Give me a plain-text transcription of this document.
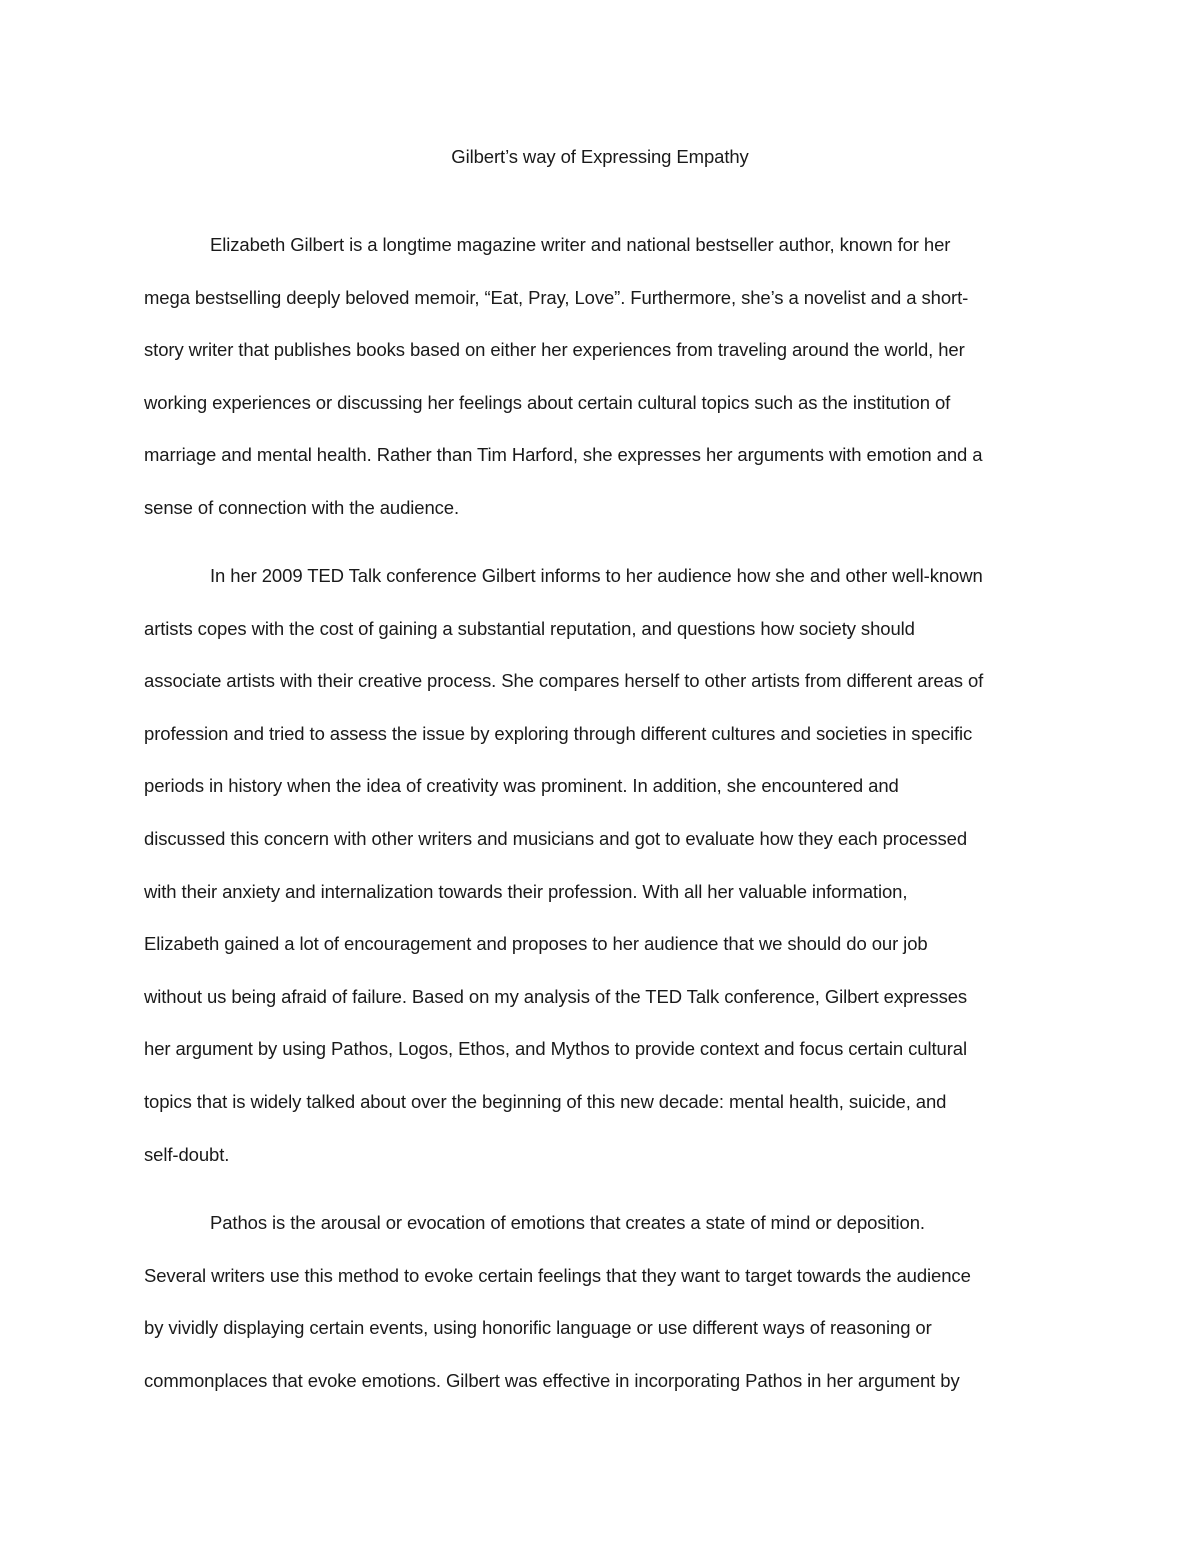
Gilbert’s way of Expressing Empathy
Elizabeth Gilbert is a longtime magazine writer and national bestseller author, known for her
mega bestselling deeply beloved memoir, “Eat, Pray, Love”. Furthermore, she’s a novelist and a short-
story writer that publishes books based on either her experiences from traveling around the world, her
working experiences or discussing her feelings about certain cultural topics such as the institution of
marriage and mental health. Rather than Tim Harford, she expresses her arguments with emotion and a
sense of connection with the audience.
In her 2009 TED Talk conference Gilbert informs to her audience how she and other well-known
artists copes with the cost of gaining a substantial reputation, and questions how society should
associate artists with their creative process. She compares herself to other artists from different areas of
profession and tried to assess the issue by exploring through different cultures and societies in specific
periods in history when the idea of creativity was prominent. In addition, she encountered and
discussed this concern with other writers and musicians and got to evaluate how they each processed
with their anxiety and internalization towards their profession. With all her valuable information,
Elizabeth gained a lot of encouragement and proposes to her audience that we should do our job
without us being afraid of failure. Based on my analysis of the TED Talk conference, Gilbert expresses
her argument by using Pathos, Logos, Ethos, and Mythos to provide context and focus certain cultural
topics that is widely talked about over the beginning of this new decade: mental health, suicide, and
self-doubt.
Pathos is the arousal or evocation of emotions that creates a state of mind or deposition.
Several writers use this method to evoke certain feelings that they want to target towards the audience
by vividly displaying certain events, using honorific language or use different ways of reasoning or
commonplaces that evoke emotions. Gilbert was effective in incorporating Pathos in her argument by
